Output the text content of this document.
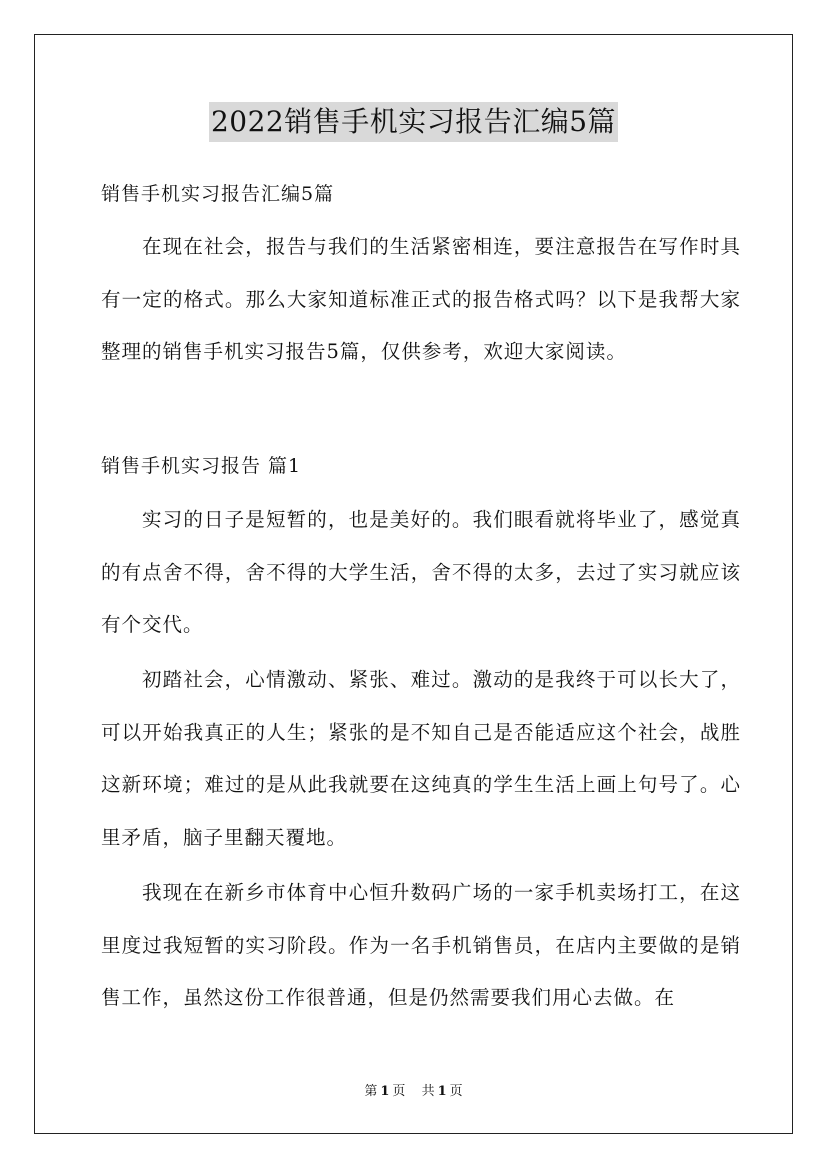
2022销售手机实习报告汇编5篇
销售手机实习报告汇编5篇

在现在社会，报告与我们的生活紧密相连，要注意报告在写作时具有一定的格式。那么大家知道标准正式的报告格式吗？以下是我帮大家整理的销售手机实习报告5篇，仅供参考，欢迎大家阅读。

销售手机实习报告 篇1

实习的日子是短暂的，也是美好的。我们眼看就将毕业了，感觉真的有点舍不得，舍不得的大学生活，舍不得的太多，去过了实习就应该有个交代。

初踏社会，心情激动、紧张、难过。激动的是我终于可以长大了，可以开始我真正的人生；紧张的是不知自己是否能适应这个社会，战胜这新环境；难过的是从此我就要在这纯真的学生生活上画上句号了。心里矛盾，脑子里翻天覆地。

我现在在新乡市体育中心恒升数码广场的一家手机卖场打工，在这里度过我短暂的实习阶段。作为一名手机销售员，在店内主要做的是销售工作，虽然这份工作很普通，但是仍然需要我们用心去做。在

第 1 页 共 1 页
